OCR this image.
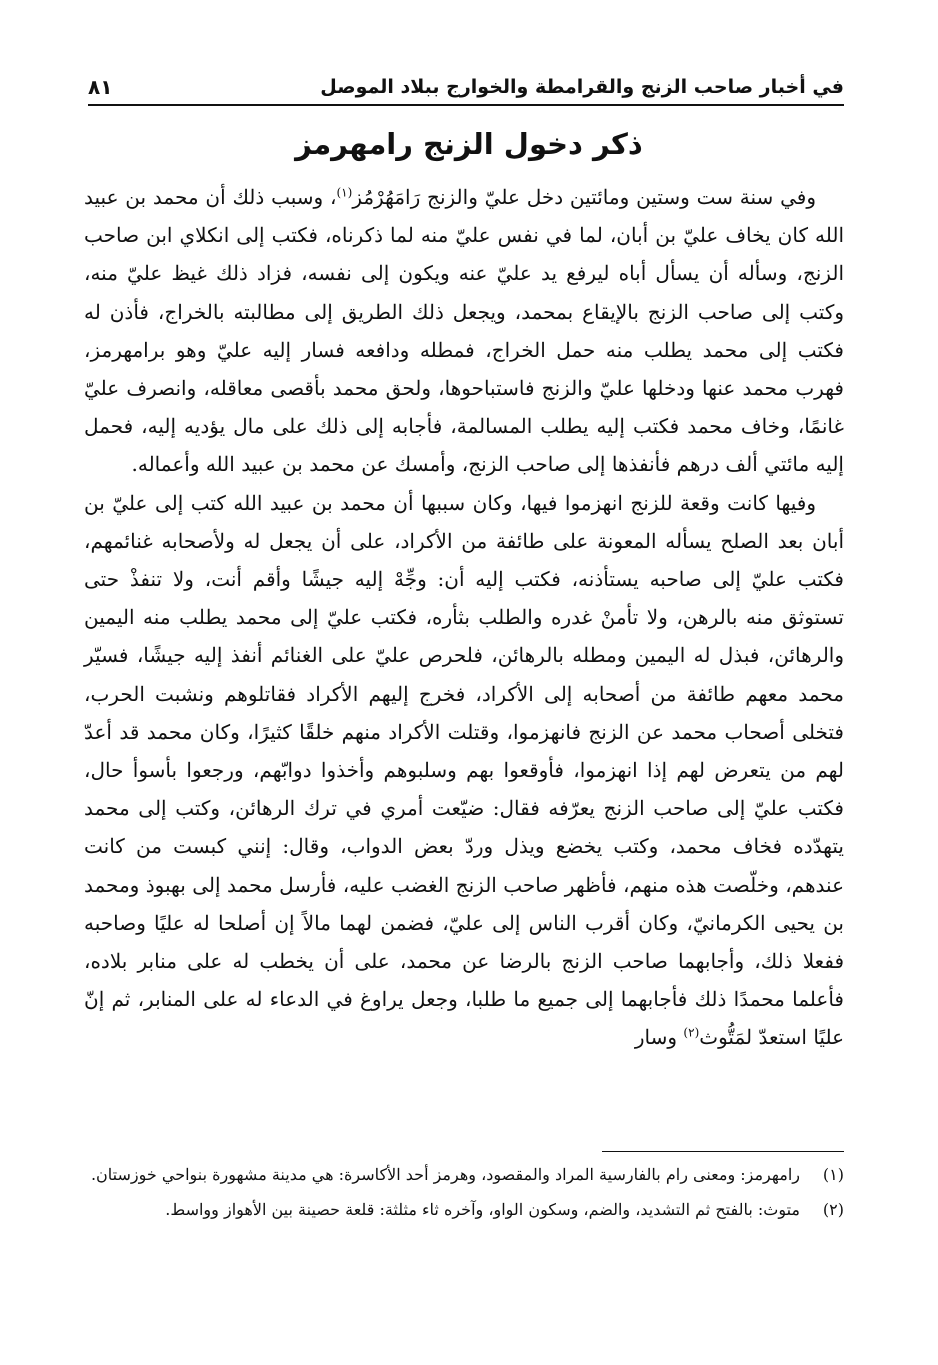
في أخبار صاحب الزنج والقرامطة والخوارج ببلاد الموصل
٨١
ذكر دخول الزنج رامهرمز

وفي سنة ست وستين ومائتين دخل عليّ والزنج رَامَهُرْمُز$^{(١)}$، وسبب ذلك أن محمد بن عبيد الله كان يخاف عليّ بن أبان، لما في نفس عليّ منه لما ذكرناه، فكتب إلى انكلاي ابن صاحب الزنج، وسأله أن يسأل أباه ليرفع يد عليّ عنه ويكون إلى نفسه، فزاد ذلك غيظ عليّ منه، وكتب إلى صاحب الزنج بالإيقاع بمحمد، ويجعل ذلك الطريق إلى مطالبته بالخراج، فأذن له فكتب إلى محمد يطلب منه حمل الخراج، فمطله ودافعه فسار إليه عليّ وهو برامهرمز، فهرب محمد عنها ودخلها عليّ والزنج فاستباحوها، ولحق محمد بأقصى معاقله، وانصرف عليّ غانمًا، وخاف محمد فكتب إليه يطلب المسالمة، فأجابه إلى ذلك على مال يؤديه إليه، فحمل إليه مائتي ألف درهم فأنفذها إلى صاحب الزنج، وأمسك عن محمد بن عبيد الله وأعماله.

وفيها كانت وقعة للزنج انهزموا فيها، وكان سببها أن محمد بن عبيد الله كتب إلى عليّ بن أبان بعد الصلح يسأله المعونة على طائفة من الأكراد، على أن يجعل له ولأصحابه غنائمهم، فكتب عليّ إلى صاحبه يستأذنه، فكتب إليه أن: وجِّهْ إليه جيشًا وأقم أنت، ولا تنفذْ حتى تستوثق منه بالرهن، ولا تأمنْ غدره والطلب بثأره، فكتب عليّ إلى محمد يطلب منه اليمين والرهائن، فبذل له اليمين ومطله بالرهائن، فلحرص عليّ على الغنائم أنفذ إليه جيشًا، فسيّر محمد معهم طائفة من أصحابه إلى الأكراد، فخرج إليهم الأكراد فقاتلوهم ونشبت الحرب، فتخلى أصحاب محمد عن الزنج فانهزموا، وقتلت الأكراد منهم خلقًا كثيرًا، وكان محمد قد أعدّ لهم من يتعرض لهم إذا انهزموا، فأوقعوا بهم وسلبوهم وأخذوا دوابّهم، ورجعوا بأسوأ حال، فكتب عليّ إلى صاحب الزنج يعرّفه فقال: ضيّعت أمري في ترك الرهائن، وكتب إلى محمد يتهدّده فخاف محمد، وكتب يخضع ويذل وردّ بعض الدواب، وقال: إنني كبست من كانت عندهم، وخلّصت هذه منهم، فأظهر صاحب الزنج الغضب عليه، فأرسل محمد إلى بهبوذ ومحمد بن يحيى الكرمانيّ، وكان أقرب الناس إلى عليّ، فضمن لهما مالاً إن أصلحا له عليًا وصاحبه ففعلا ذلك، وأجابهما صاحب الزنج بالرضا عن محمد، على أن يخطب له على منابر بلاده، فأعلما محمدًا ذلك فأجابهما إلى جميع ما طلبا، وجعل يراوغ في الدعاء له على المنابر، ثم إنّ عليًا استعدّ لمَتُّوث$^{(٢)}$ وسار

(١)
رامهرمز: ومعنى رام بالفارسية المراد والمقصود، وهرمز أحد الأكاسرة: هي مدينة مشهورة بنواحي خوزستان.
(٢)
متوث: بالفتح ثم التشديد، والضم، وسكون الواو، وآخره ثاء مثلثة: قلعة حصينة بين الأهواز وواسط.
